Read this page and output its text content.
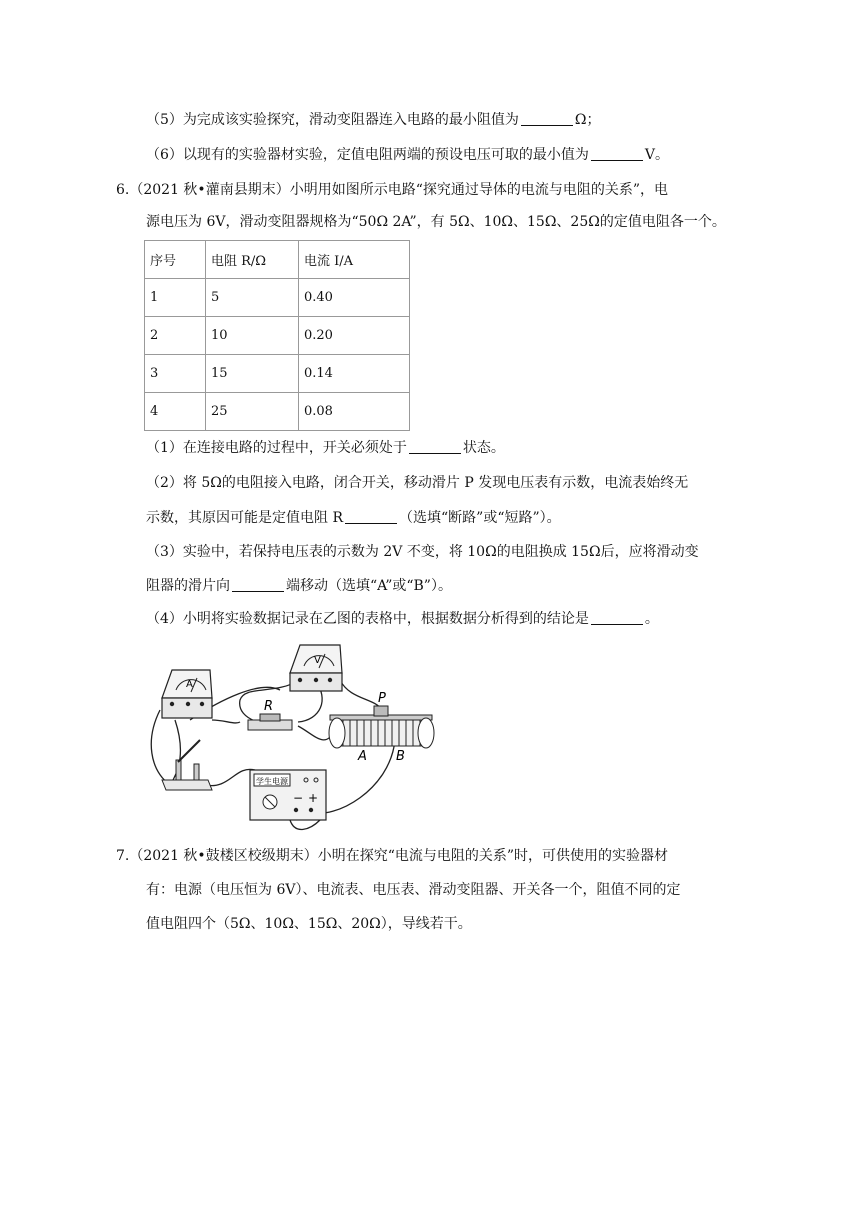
（5）为完成该实验探究，滑动变阻器连入电路的最小阻值为	Ω；
（6）以现有的实验器材实验，定值电阻两端的预设电压可取的最小值为	V。
6.（2021 秋•灌南县期末）小明用如图所示电路“探究通过导体的电流与电阻的关系”，电
源电压为 6V，滑动变阻器规格为“50Ω 2A”，有 5Ω、10Ω、15Ω、25Ω的定值电阻各一个。
序号	电阻 R/Ω	电流 I/A
1	5	0.40
2	10	0.20
3	15	0.14
4	25	0.08
（1）在连接电路的过程中，开关必须处于	状态。
（2）将 5Ω的电阻接入电路，闭合开关，移动滑片 P 发现电压表有示数，电流表始终无
示数，其原因可能是定值电阻 R	（选填“断路”或“短路”）。
（3）实验中，若保持电压表的示数为 2V 不变，将 10Ω的电阻换成 15Ω后，应将滑动变
阻器的滑片向	端移动（选填“A”或“B”）。
（4）小明将实验数据记录在乙图的表格中，根据数据分析得到的结论是	。
A
V
R
P
A B
学生电源
− +
7.（2021 秋•鼓楼区校级期末）小明在探究“电流与电阻的关系”时，可供使用的实验器材
有：电源（电压恒为 6V）、电流表、电压表、滑动变阻器、开关各一个，阻值不同的定
值电阻四个（5Ω、10Ω、15Ω、20Ω），导线若干。
